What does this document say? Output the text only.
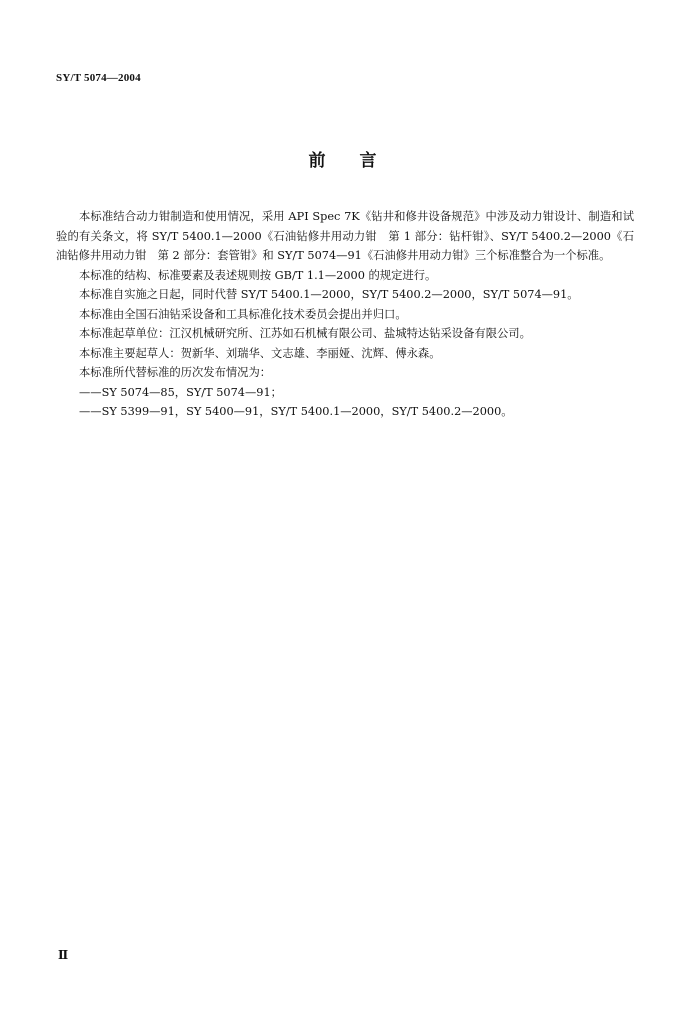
SY/T 5074—2004
前言

本标准结合动力钳制造和使用情况，采用 API Spec 7K《钻井和修井设备规范》中涉及动力钳设计、制造和试验的有关条文，将 SY/T 5400.1—2000《石油钻修井用动力钳　第 1 部分：钻杆钳》、SY/T 5400.2—2000《石油钻修井用动力钳　第 2 部分：套管钳》和 SY/T 5074—91《石油修井用动力钳》三个标准整合为一个标准。

本标准的结构、标准要素及表述规则按 GB/T 1.1—2000 的规定进行。

本标准自实施之日起，同时代替 SY/T 5400.1—2000，SY/T 5400.2—2000，SY/T 5074—91。

本标准由全国石油钻采设备和工具标准化技术委员会提出并归口。

本标准起草单位：江汉机械研究所、江苏如石机械有限公司、盐城特达钻采设备有限公司。

本标准主要起草人：贺新华、刘瑞华、文志雄、李丽娅、沈辉、傅永森。

本标准所代替标准的历次发布情况为：

——SY 5074—85，SY/T 5074—91；

——SY 5399—91，SY 5400—91，SY/T 5400.1—2000，SY/T 5400.2—2000。

Ⅱ
